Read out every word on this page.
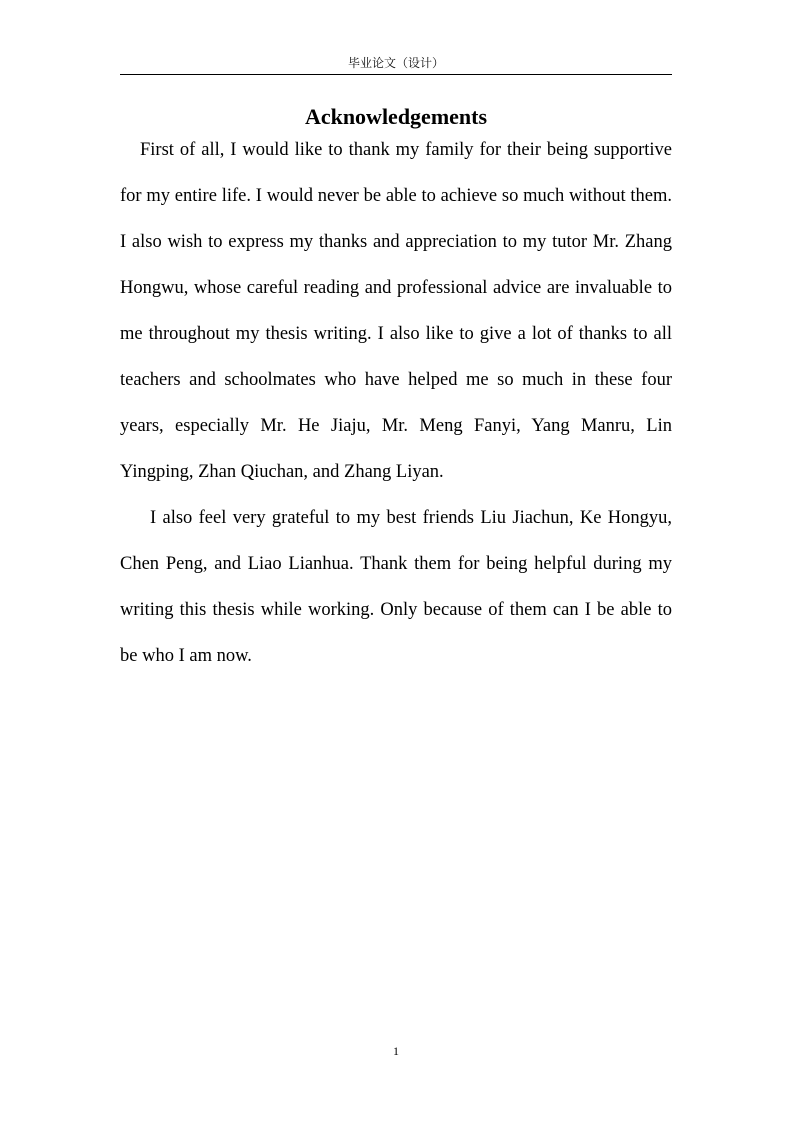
毕业论文（设计）
Acknowledgements

First of all, I would like to thank my family for their being supportive for my entire life. I would never be able to achieve so much without them. I also wish to express my thanks and appreciation to my tutor Mr. Zhang Hongwu, whose careful reading and professional advice are invaluable to me throughout my thesis writing. I also like to give a lot of thanks to all teachers and schoolmates who have helped me so much in these four years, especially Mr. He Jiaju, Mr. Meng Fanyi, Yang Manru, Lin Yingping, Zhan Qiuchan, and Zhang Liyan.

I also feel very grateful to my best friends Liu Jiachun, Ke Hongyu, Chen Peng, and Liao Lianhua. Thank them for being helpful during my writing this thesis while working. Only because of them can I be able to be who I am now.

1
